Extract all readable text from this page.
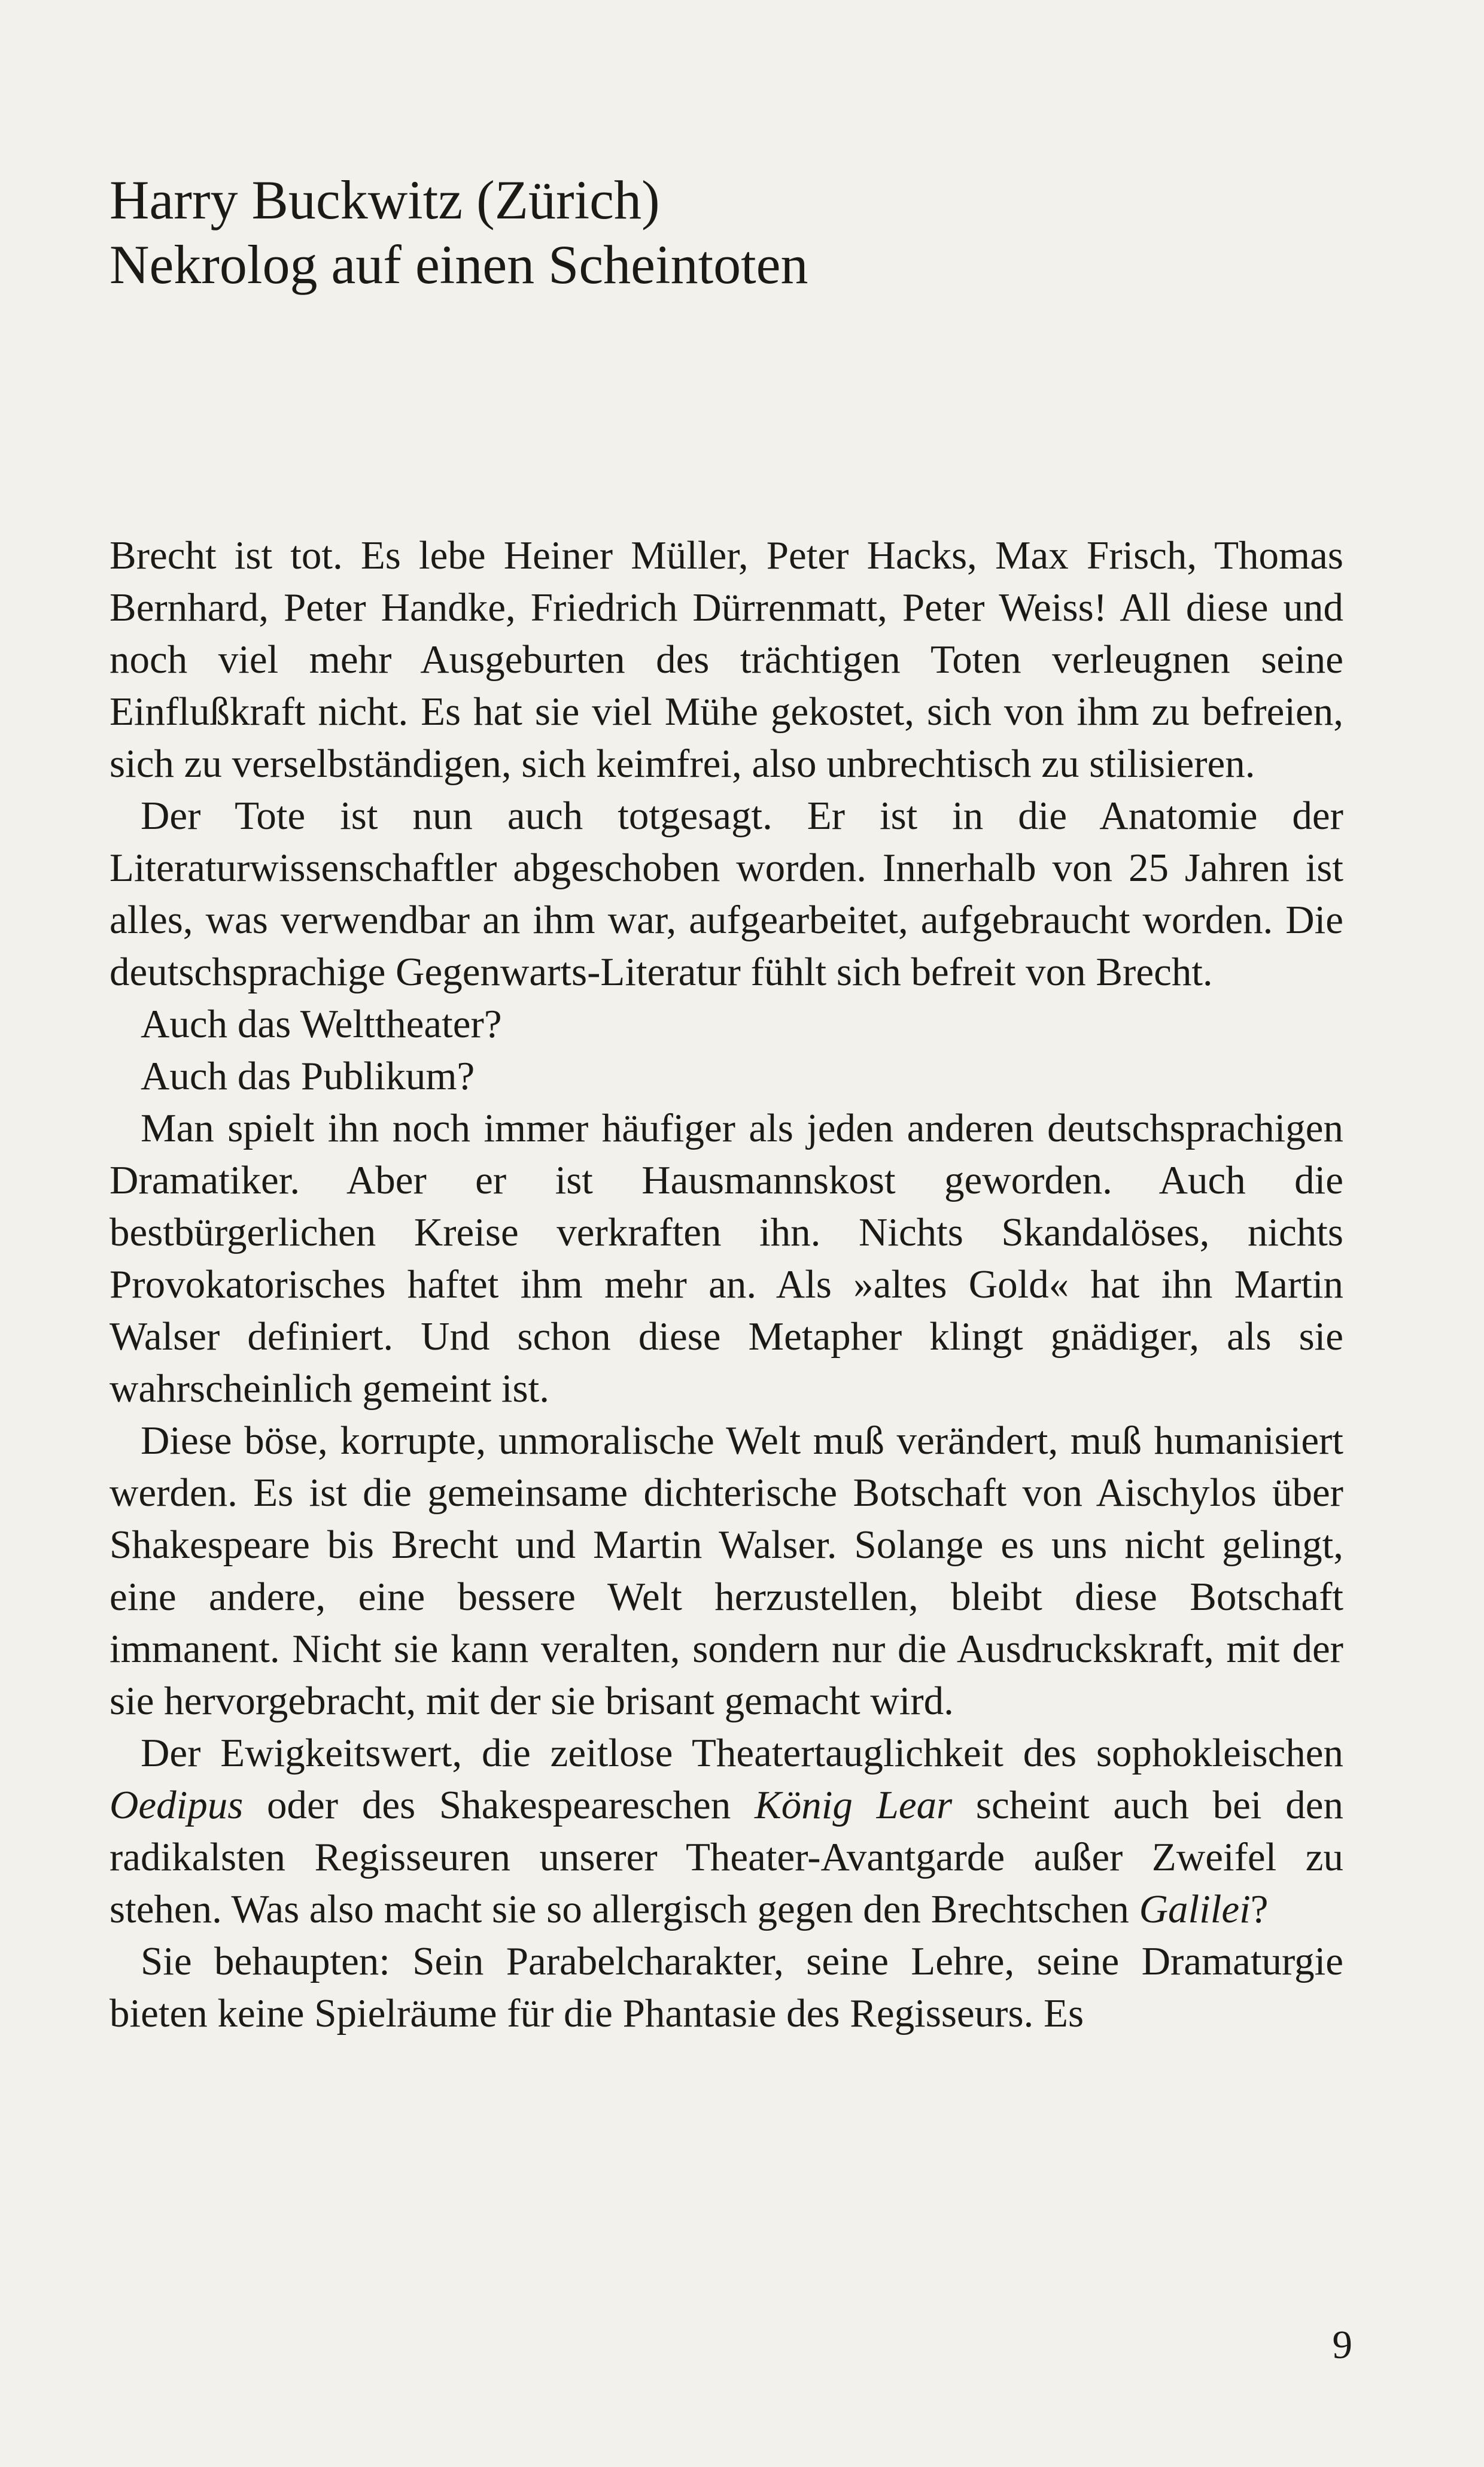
Harry Buckwitz (Zürich)
Nekrolog auf einen Scheintoten

Brecht ist tot. Es lebe Heiner Müller, Peter Hacks, Max Frisch, Thomas Bernhard, Peter Handke, Friedrich Dürrenmatt, Peter Weiss! All diese und noch viel mehr Ausgeburten des trächtigen Toten verleugnen seine Einflußkraft nicht. Es hat sie viel Mühe gekostet, sich von ihm zu befreien, sich zu verselbständigen, sich keimfrei, also unbrechtisch zu stilisieren.

Der Tote ist nun auch totgesagt. Er ist in die Anatomie der Literaturwissenschaftler abgeschoben worden. Innerhalb von 25 Jahren ist alles, was verwendbar an ihm war, aufgearbeitet, aufgebraucht worden. Die deutschsprachige Gegenwarts-Literatur fühlt sich befreit von Brecht.

Auch das Welttheater?

Auch das Publikum?

Man spielt ihn noch immer häufiger als jeden anderen deutschsprachigen Dramatiker. Aber er ist Hausmannskost geworden. Auch die bestbürgerlichen Kreise verkraften ihn. Nichts Skandalöses, nichts Provokatorisches haftet ihm mehr an. Als »altes Gold« hat ihn Martin Walser definiert. Und schon diese Metapher klingt gnädiger, als sie wahrscheinlich gemeint ist.

Diese böse, korrupte, unmoralische Welt muß verändert, muß humanisiert werden. Es ist die gemeinsame dichterische Botschaft von Aischylos über Shakespeare bis Brecht und Martin Walser. Solange es uns nicht gelingt, eine andere, eine bessere Welt herzustellen, bleibt diese Botschaft immanent. Nicht sie kann veralten, sondern nur die Ausdruckskraft, mit der sie hervorgebracht, mit der sie brisant gemacht wird.

Der Ewigkeitswert, die zeitlose Theatertauglichkeit des sophokleischen Oedipus oder des Shakespeareschen König Lear scheint auch bei den radikalsten Regisseuren unserer Theater-Avantgarde außer Zweifel zu stehen. Was also macht sie so allergisch gegen den Brechtschen Galilei?

Sie behaupten: Sein Parabelcharakter, seine Lehre, seine Dramaturgie bieten keine Spielräume für die Phantasie des Regisseurs. Es

9
